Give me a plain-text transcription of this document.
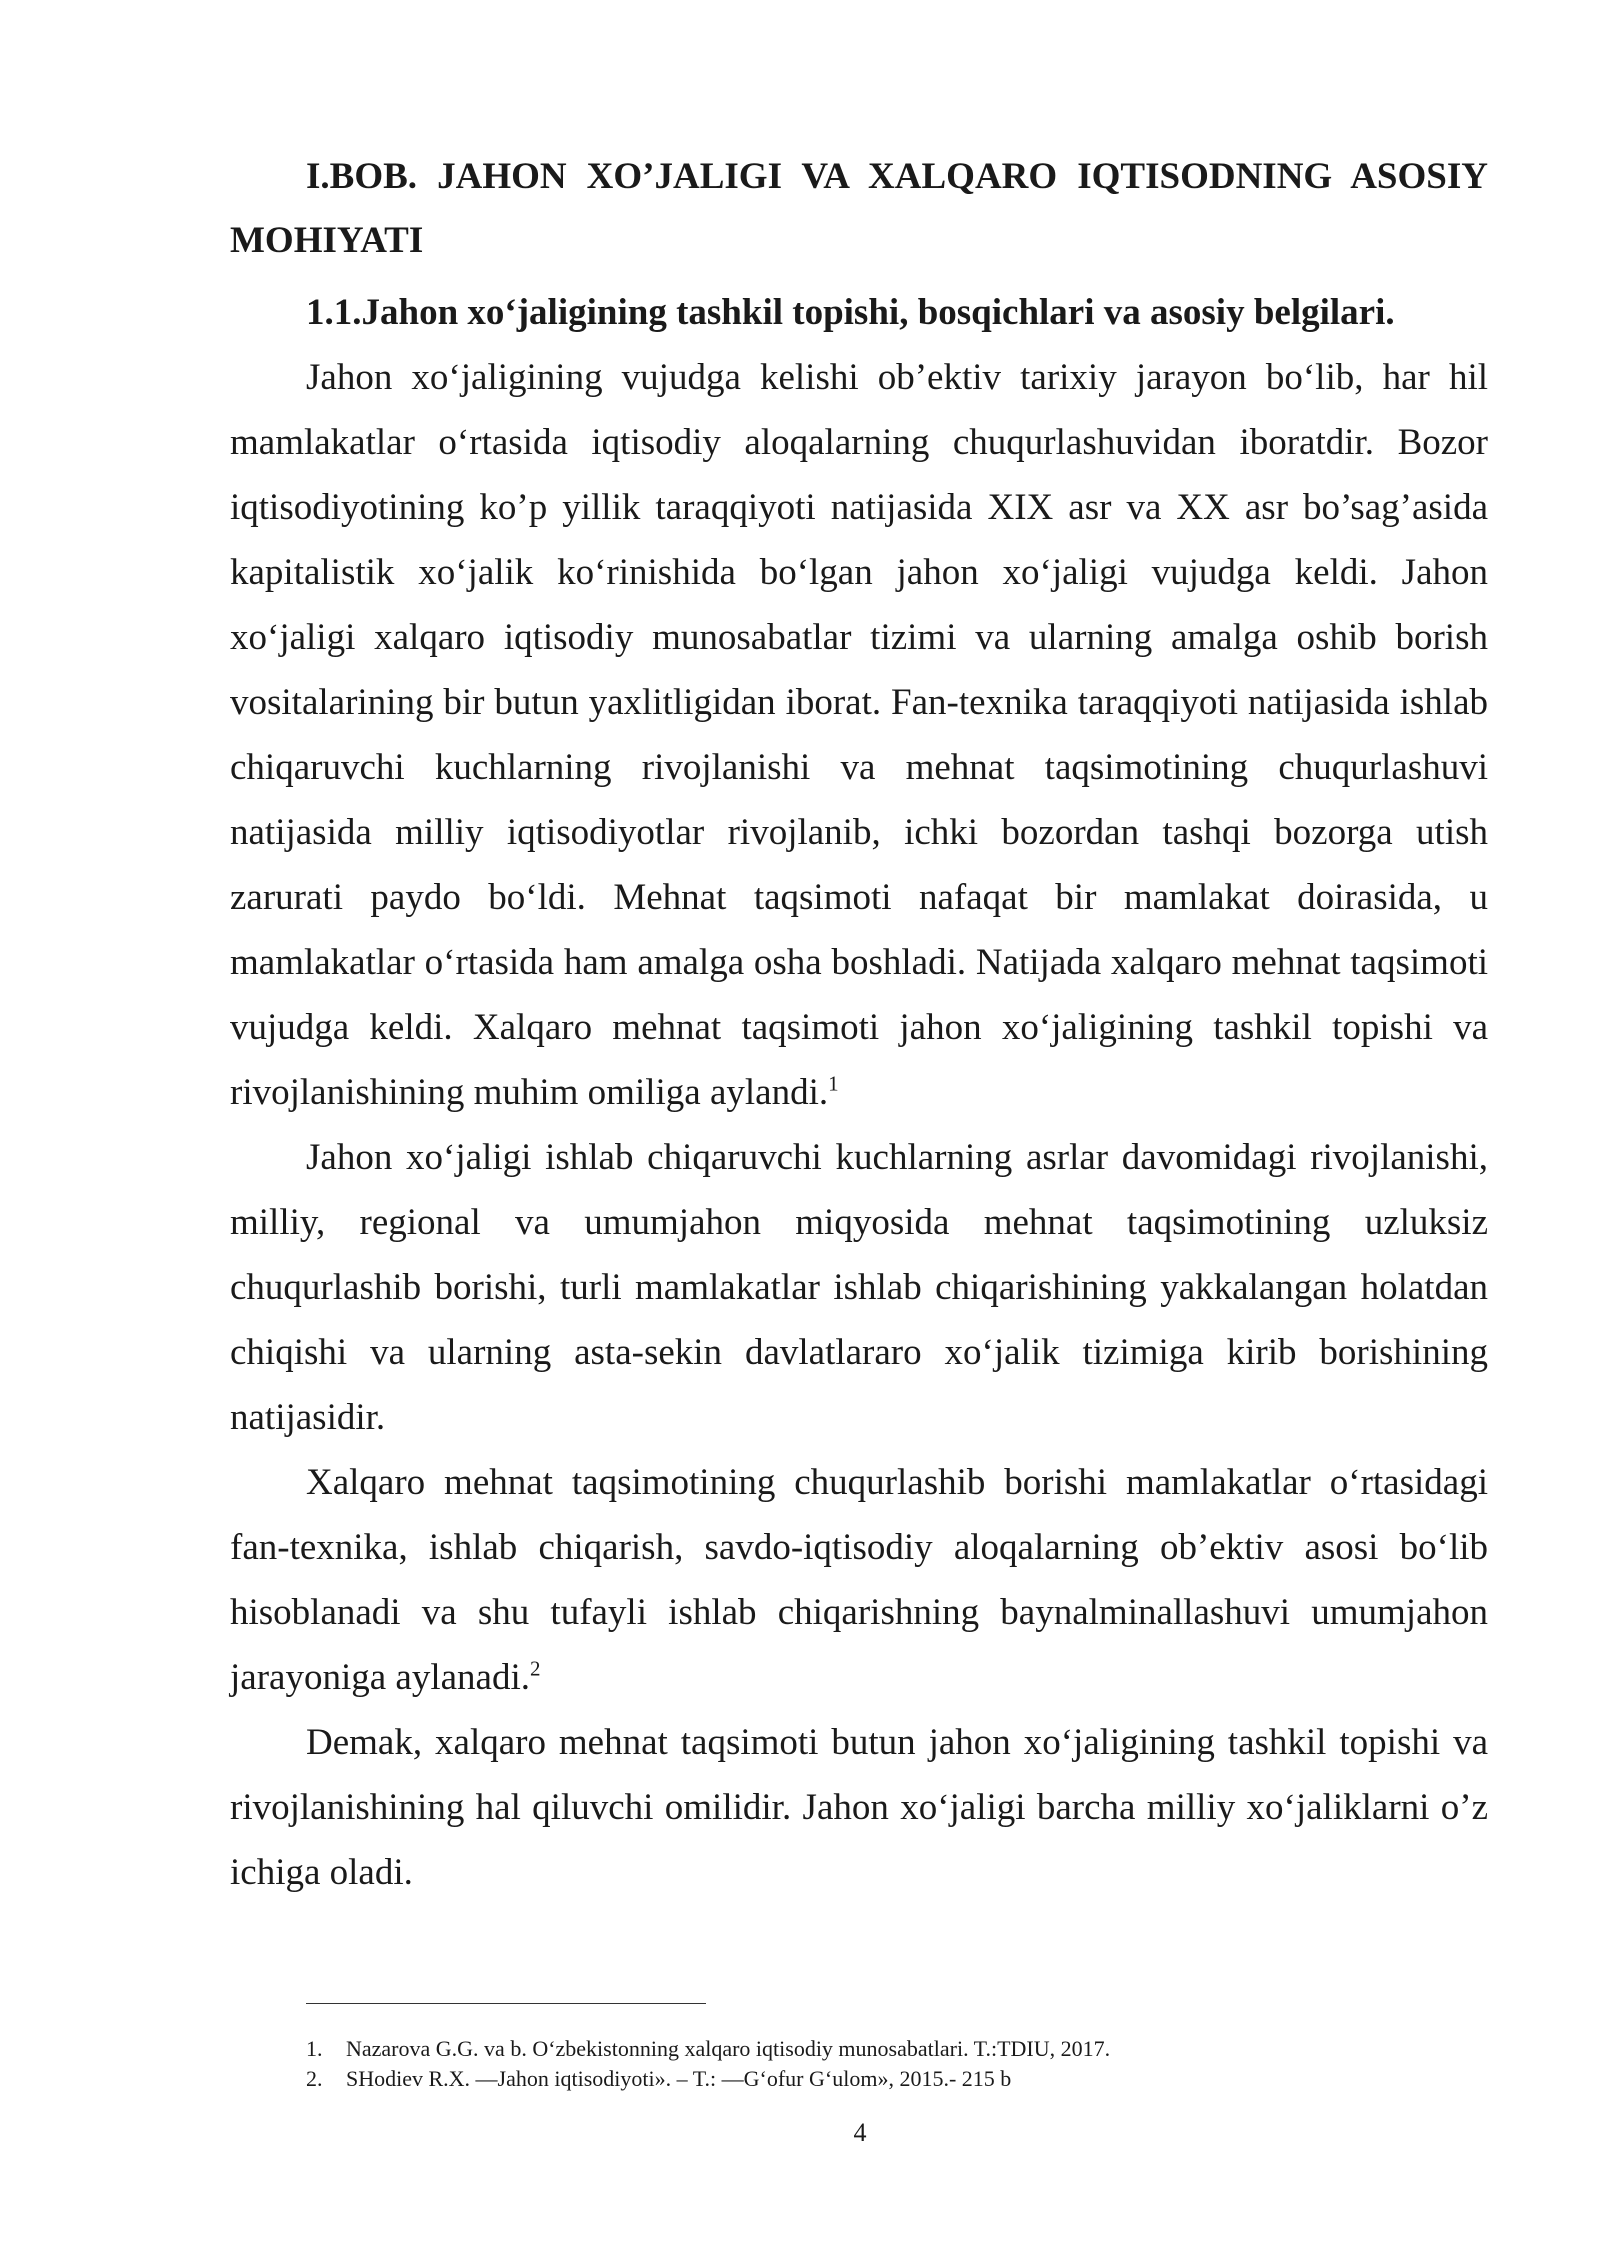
I.BOB. JAHON XO’JALIGI VA XALQARO IQTISODNING ASOSIY MOHIYATI

1.1.Jahon xo‘jaligining tashkil topishi, bosqichlari va asosiy belgilari.

Jahon xo‘jaligining vujudga kelishi ob’ektiv tarixiy jarayon bo‘lib, har hil mamlakatlar o‘rtasida iqtisodiy aloqalarning chuqurlashuvidan iboratdir. Bozor iqtisodiyotining ko’p yillik taraqqiyoti natijasida XIX asr va XX asr bo’sag’asida kapitalistik xo‘jalik ko‘rinishida bo‘lgan jahon xo‘jaligi vujudga keldi. Jahon xo‘jaligi xalqaro iqtisodiy munosabatlar tizimi va ularning amalga oshib borish vositalarining bir butun yaxlitligidan iborat. Fan-texnika taraqqiyoti natijasida ishlab chiqaruvchi kuchlarning rivojlanishi va mehnat taqsimotining chuqurlashuvi natijasida milliy iqtisodiyotlar rivojlanib, ichki bozordan tashqi bozorga utish zarurati paydo bo‘ldi. Mehnat taqsimoti nafaqat bir mamlakat doirasida, u mamlakatlar o‘rtasida ham amalga osha boshladi. Natijada xalqaro mehnat taqsimoti vujudga keldi. Xalqaro mehnat taqsimoti jahon xo‘jaligining tashkil topishi va rivojlanishining muhim omiliga aylandi.$^1$

Jahon xo‘jaligi ishlab chiqaruvchi kuchlarning asrlar davomidagi rivojlanishi, milliy, regional va umumjahon miqyosida mehnat taqsimotining uzluksiz chuqurlashib borishi, turli mamlakatlar ishlab chiqarishining yakkalangan holatdan chiqishi va ularning asta-sekin davlatlararo xo‘jalik tizimiga kirib borishining natijasidir.

Xalqaro mehnat taqsimotining chuqurlashib borishi mamlakatlar o‘rtasidagi fan-texnika, ishlab chiqarish, savdo-iqtisodiy aloqalarning ob’ektiv asosi bo‘lib hisoblanadi va shu tufayli ishlab chiqarishning baynalminallashuvi umumjahon jarayoniga aylanadi.$^2$

Demak, xalqaro mehnat taqsimoti butun jahon xo‘jaligining tashkil topishi va rivojlanishining hal qiluvchi omilidir. Jahon xo‘jaligi barcha milliy xo‘jaliklarni o’z ichiga oladi.

1. Nazarova G.G. va b. O‘zbekistonning xalqaro iqtisodiy munosabatlari. T.:TDIU, 2017.

2. SHodiev R.X. ―Jahon iqtisodiyoti». – T.: ―G‘ofur G‘ulom», 2015.- 215 b

4
